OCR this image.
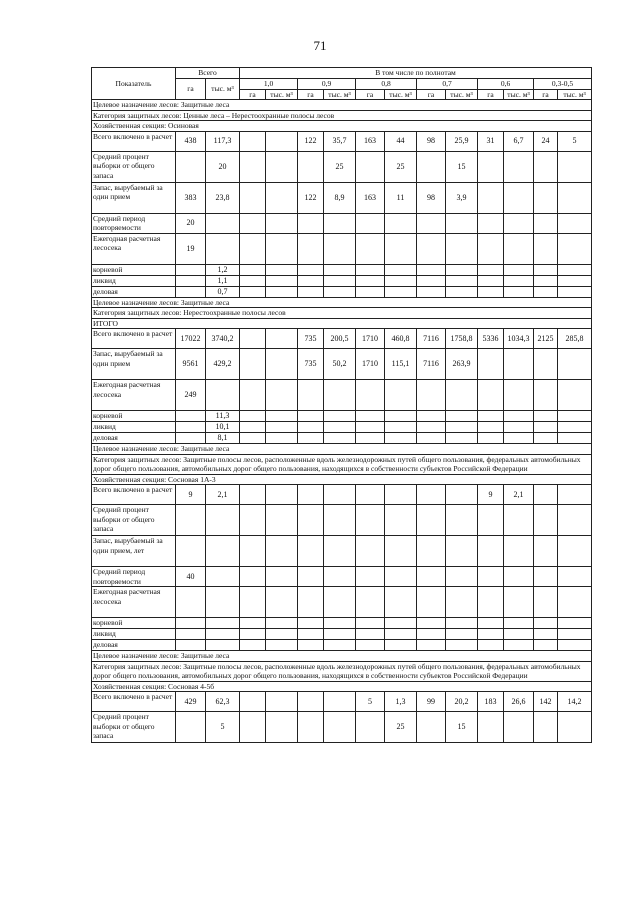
71
Показатель	Всего		В том числе по полнотам											
	га	тыс. м³	1,0		0,9		0,8		0,7		0,6		0,3-0,5	
			га	тыс. м³	га	тыс. м³	га	тыс. м³	га	тыс. м³	га	тыс. м³	га	тыс. м³
Целевое назначение лесов: Защитные леса														
Категория защитных лесов: Ценные леса – Нерестоохранные полосы лесов														
Хозяйственная секция: Осиновая														
Всего включено в расчет	438	117,3			122	35,7	163	44	98	25,9	31	6,7	24	5
Средний процент выборки от общего запаса		20				25		25		15				
Запас, вырубаемый за один прием	383	23,8			122	8,9	163	11	98	3,9				
Средний период повторяемости	20													
Ежегодная расчетная лесосека	19													
корневой		1,2												
ликвид		1,1												
деловая		0,7												
Целевое назначение лесов: Защитные леса														
Категория защитных лесов: Нерестоохранные полосы лесов														
ИТОГО														
Всего включено в расчет	17022	3740,2			735	200,5	1710	460,8	7116	1758,8	5336	1034,3	2125	285,8
Запас, вырубаемый за один прием	9561	429,2			735	50,2	1710	115,1	7116	263,9				
Ежегодная расчетная лесосека	249													
корневой		11,3												
ликвид		10,1												
деловая		8,1												
Целевое назначение лесов: Защитные леса														
Категория защитных лесов: Защитные полосы лесов, расположенные вдоль железнодорожных путей общего пользования, федеральных автомобильных дорог общего пользования, автомобильных дорог общего пользования, находящихся в собственности субъектов Российской Федерации														
Хозяйственная секция: Сосновая 1А-3														
Всего включено в расчет	9	2,1									9	2,1		
Средний процент выборки от общего запаса														
Запас, вырубаемый за один прием, лет														
Средний период повторяемости	40													
Ежегодная расчетная лесосека														
корневой														
ликвид														
деловая														
Целевое назначение лесов: Защитные леса														
Категория защитных лесов: Защитные полосы лесов, расположенные вдоль железнодорожных путей общего пользования, федеральных автомобильных дорог общего пользования, автомобильных дорог общего пользования, находящихся в собственности субъектов Российской Федерации														
Хозяйственная секция: Сосновая 4-5б														
Всего включено в расчет	429	62,3					5	1,3	99	20,2	183	26,6	142	14,2
Средний процент выборки от общего запаса		5						25		15				
